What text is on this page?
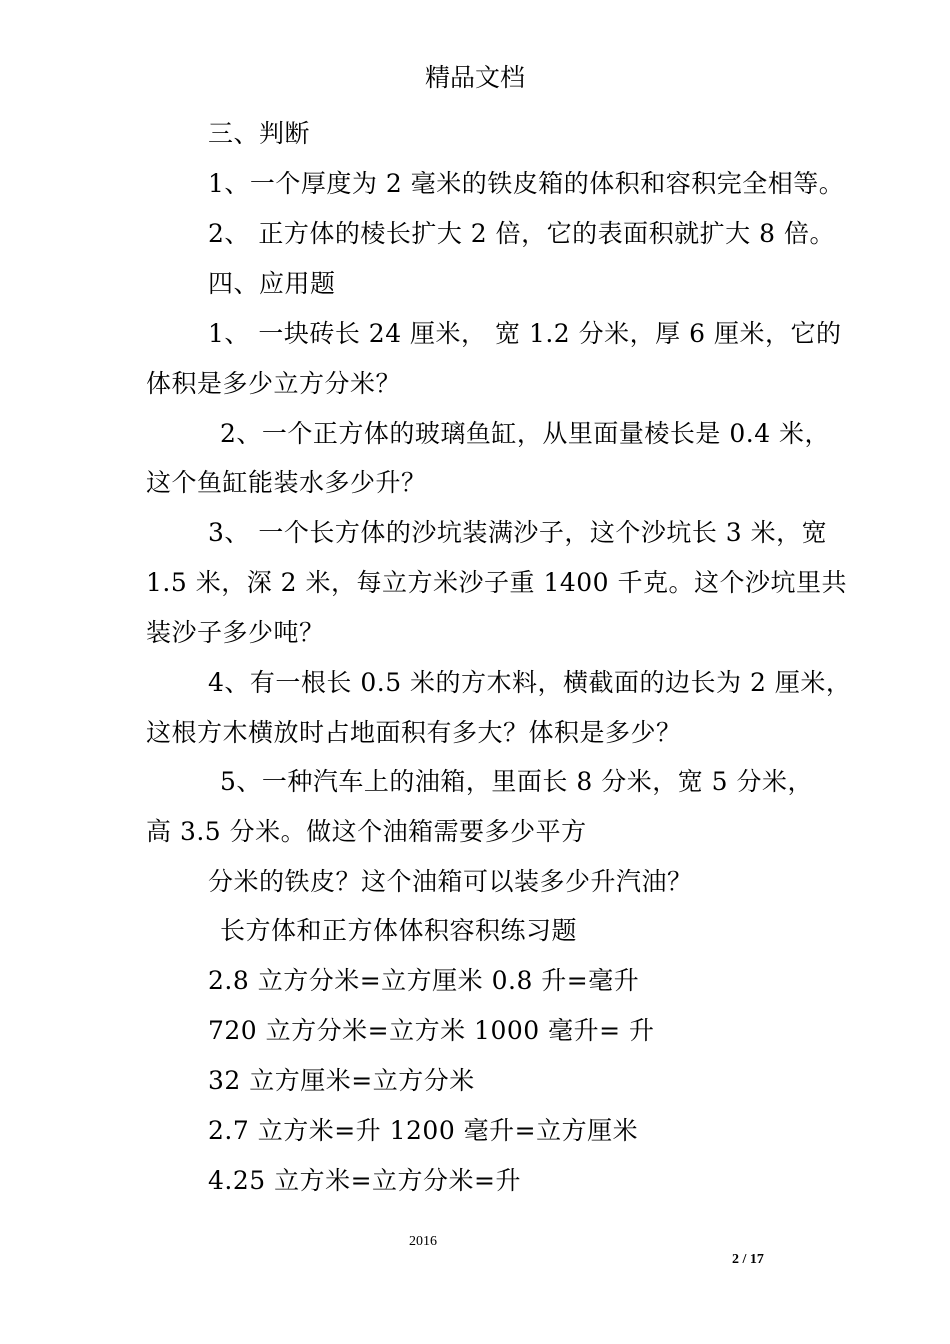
精品文档
三、判断
1、一个厚度为 2 毫米的铁皮箱的体积和容积完全相等。
2、 正方体的棱长扩大 2 倍，它的表面积就扩大 8 倍。
四、应用题
1、 一块砖长 24 厘米， 宽 1.2 分米，厚 6 厘米，它的
体积是多少立方分米？
2、一个正方体的玻璃鱼缸，从里面量棱长是 0.4 米，
这个鱼缸能装水多少升？
3、 一个长方体的沙坑装满沙子，这个沙坑长 3 米，宽
1.5 米，深 2 米，每立方米沙子重 1400 千克。这个沙坑里共
装沙子多少吨？
4、有一根长 0.5 米的方木料，横截面的边长为 2 厘米，
这根方木横放时占地面积有多大？体积是多少？
5、一种汽车上的油箱，里面长 8 分米，宽 5 分米，
高 3.5 分米。做这个油箱需要多少平方
分米的铁皮？这个油箱可以装多少升汽油？
长方体和正方体体积容积练习题
2.8 立方分米=立方厘米 0.8 升=毫升
720 立方分米=立方米 1000 毫升= 升
32 立方厘米=立方分米
2.7 立方米=升 1200 毫升=立方厘米
4.25 立方米=立方分米=升
2016
2 / 17
